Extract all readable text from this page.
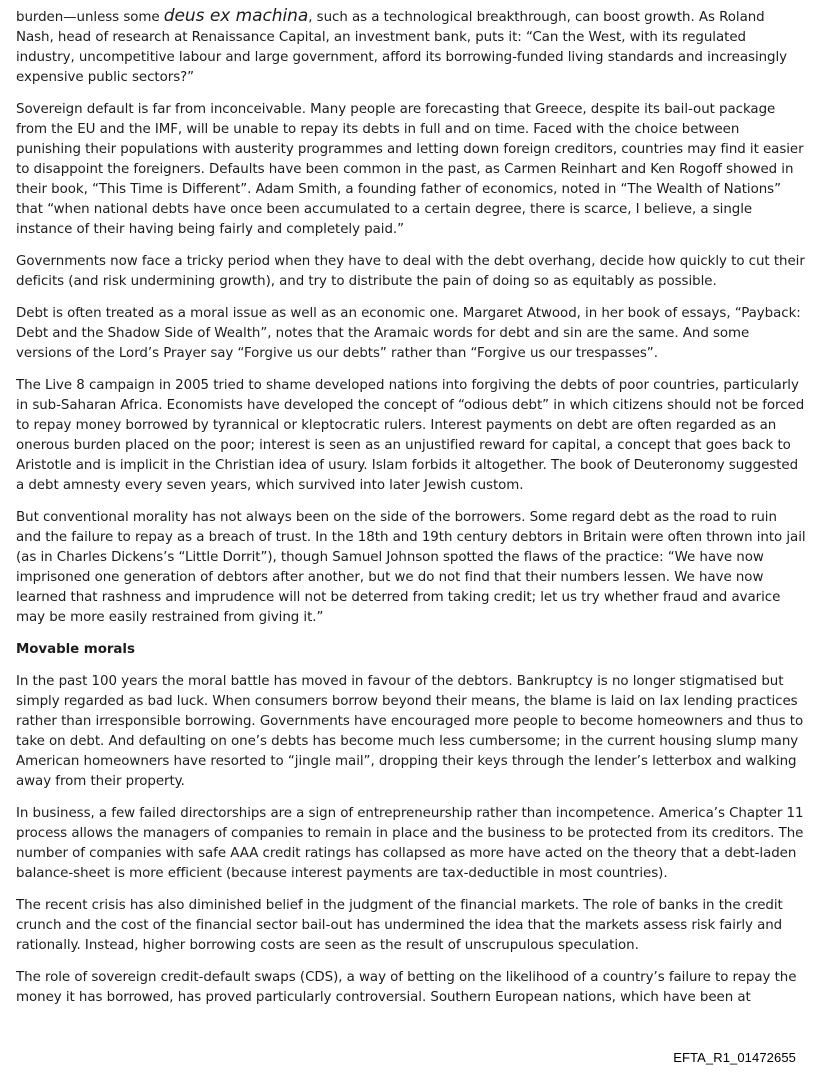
burden—unless some deus ex machina, such as a technological breakthrough, can boost growth. As Roland Nash, head of research at Renaissance Capital, an investment bank, puts it: “Can the West, with its regulated industry, uncompetitive labour and large government, afford its borrowing-funded living standards and increasingly expensive public sectors?”

Sovereign default is far from inconceivable. Many people are forecasting that Greece, despite its bail-out package from the EU and the IMF, will be unable to repay its debts in full and on time. Faced with the choice between punishing their populations with austerity programmes and letting down foreign creditors, countries may find it easier to disappoint the foreigners. Defaults have been common in the past, as Carmen Reinhart and Ken Rogoff showed in their book, “This Time is Different”. Adam Smith, a founding father of economics, noted in “The Wealth of Nations” that “when national debts have once been accumulated to a certain degree, there is scarce, I believe, a single instance of their having being fairly and completely paid.”

Governments now face a tricky period when they have to deal with the debt overhang, decide how quickly to cut their deficits (and risk undermining growth), and try to distribute the pain of doing so as equitably as possible.

Debt is often treated as a moral issue as well as an economic one. Margaret Atwood, in her book of essays, “Payback: Debt and the Shadow Side of Wealth”, notes that the Aramaic words for debt and sin are the same. And some versions of the Lord’s Prayer say “Forgive us our debts” rather than “Forgive us our trespasses”.

The Live 8 campaign in 2005 tried to shame developed nations into forgiving the debts of poor countries, particularly in sub-Saharan Africa. Economists have developed the concept of “odious debt” in which citizens should not be forced to repay money borrowed by tyrannical or kleptocratic rulers. Interest payments on debt are often regarded as an onerous burden placed on the poor; interest is seen as an unjustified reward for capital, a concept that goes back to Aristotle and is implicit in the Christian idea of usury. Islam forbids it altogether. The book of Deuteronomy suggested a debt amnesty every seven years, which survived into later Jewish custom.

But conventional morality has not always been on the side of the borrowers. Some regard debt as the road to ruin and the failure to repay as a breach of trust. In the 18th and 19th century debtors in Britain were often thrown into jail (as in Charles Dickens’s “Little Dorrit”), though Samuel Johnson spotted the flaws of the practice: “We have now imprisoned one generation of debtors after another, but we do not find that their numbers lessen. We have now learned that rashness and imprudence will not be deterred from taking credit; let us try whether fraud and avarice may be more easily restrained from giving it.”

Movable morals

In the past 100 years the moral battle has moved in favour of the debtors. Bankruptcy is no longer stigmatised but simply regarded as bad luck. When consumers borrow beyond their means, the blame is laid on lax lending practices rather than irresponsible borrowing. Governments have encouraged more people to become homeowners and thus to take on debt. And defaulting on one’s debts has become much less cumbersome; in the current housing slump many American homeowners have resorted to “jingle mail”, dropping their keys through the lender’s letterbox and walking away from their property.

In business, a few failed directorships are a sign of entrepreneurship rather than incompetence. America’s Chapter 11 process allows the managers of companies to remain in place and the business to be protected from its creditors. The number of companies with safe AAA credit ratings has collapsed as more have acted on the theory that a debt-laden balance-sheet is more efficient (because interest payments are tax-deductible in most countries).

The recent crisis has also diminished belief in the judgment of the financial markets. The role of banks in the credit crunch and the cost of the financial sector bail-out has undermined the idea that the markets assess risk fairly and rationally. Instead, higher borrowing costs are seen as the result of unscrupulous speculation.

The role of sovereign credit-default swaps (CDS), a way of betting on the likelihood of a country’s failure to repay the money it has borrowed, has proved particularly controversial. Southern European nations, which have been at

EFTA_R1_01472655
